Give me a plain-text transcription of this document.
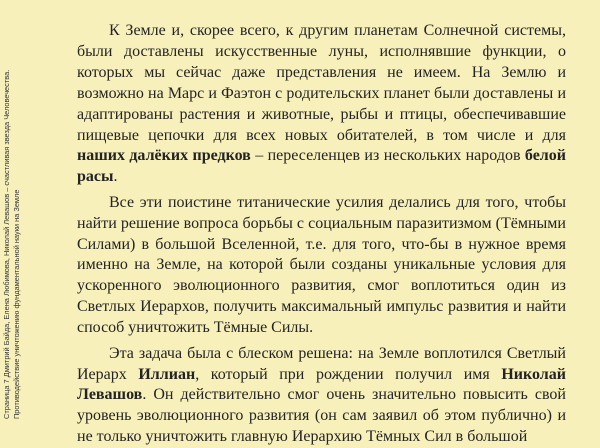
Страница 7 Дмитрий Байда, Елена Любимова, Николай Левашов – счастливая звезда Человечества. Противодействие уничтожению фундаментальной науки на Земле

К Земле и, скорее всего, к другим планетам Солнечной системы, были доставлены искусственные луны, исполнявшие функции, о которых мы сейчас даже представления не имеем. На Землю и возможно на Марс и Фаэтон с родительских планет были доставлены и адаптированы растения и животные, рыбы и птицы, обеспечивавшие пищевые цепочки для всех новых обитателей, в том числе и для наших далёких предков – переселенцев из нескольких народов белой расы.

Все эти поистине титанические усилия делались для того, чтобы найти решение вопроса борьбы с социальным паразитизмом (Тёмными Силами) в большой Вселенной, т.е. для того, что-бы в нужное время именно на Земле, на которой были созданы уникальные условия для ускоренного эволюционного развития, смог воплотиться один из Светлых Иерархов, получить максимальный импульс развития и найти способ уничтожить Тёмные Силы.

Эта задача была с блеском решена: на Земле воплотился Светлый Иерарх Иллиан, который при рождении получил имя Николай Левашов. Он действительно смог очень значительно повысить свой уровень эволюционного развития (он сам заявил об этом публично) и не только уничтожить главную Иерархию Тёмных Сил в большой
